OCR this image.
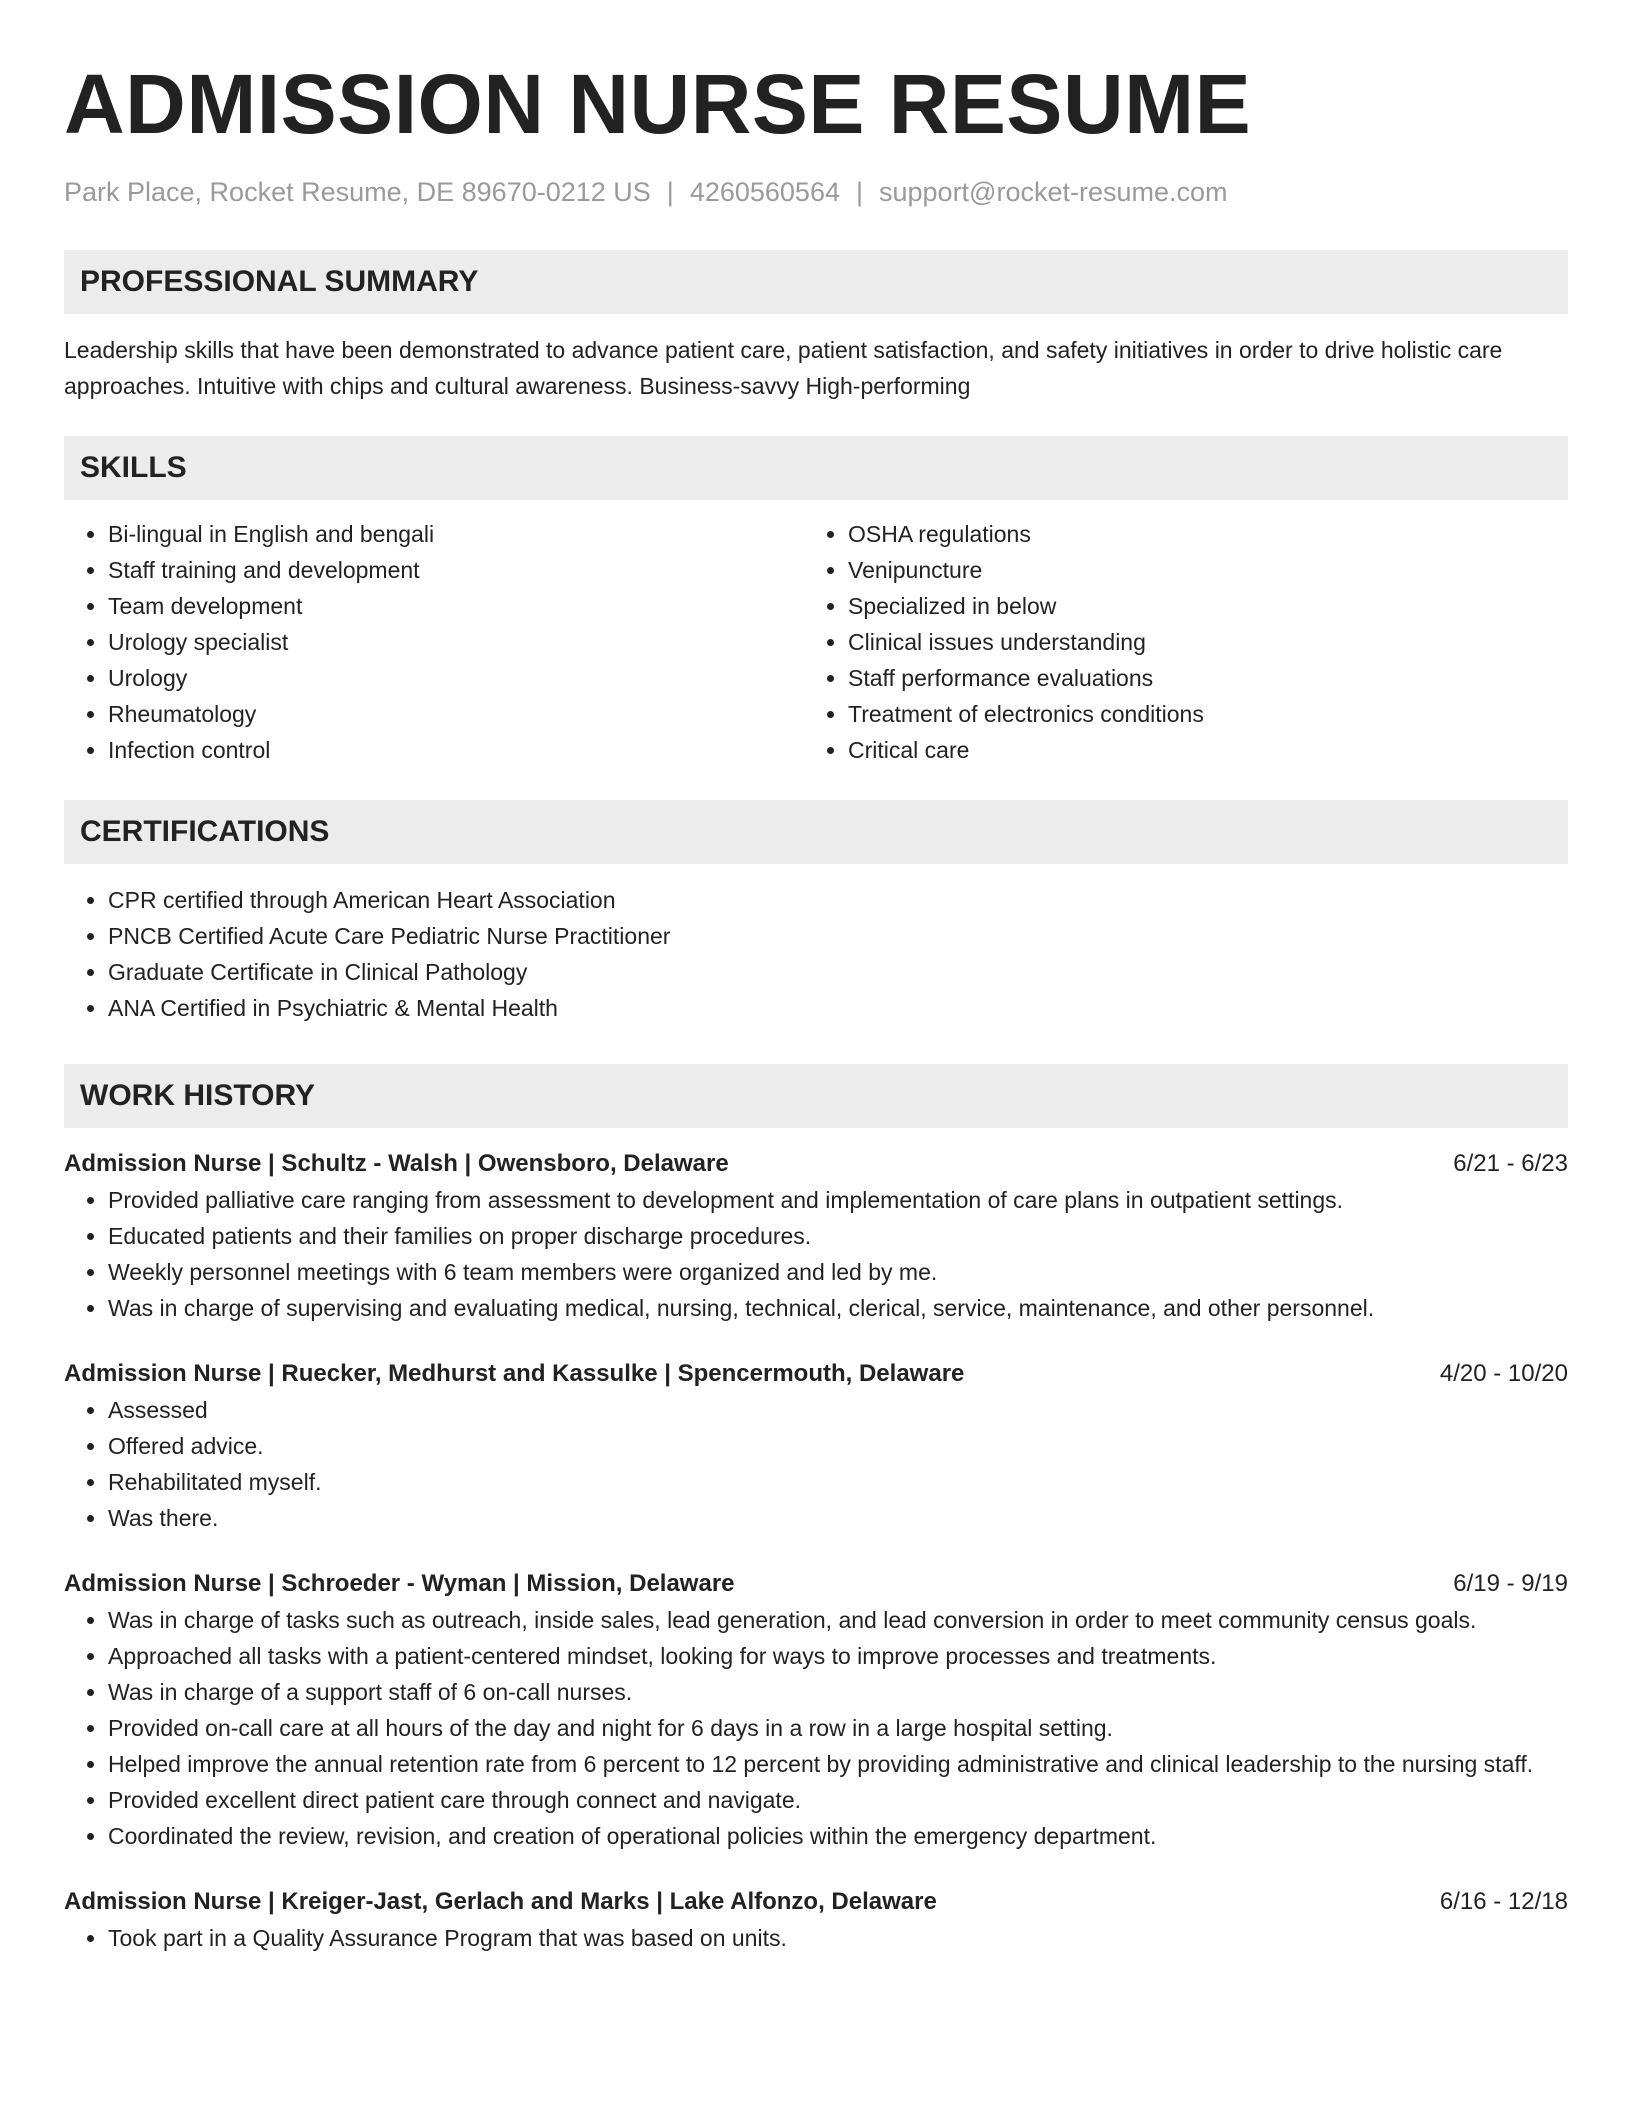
ADMISSION NURSE RESUME
Park Place, Rocket Resume, DE 89670-0212 US | 4260560564 | support@rocket-resume.com
PROFESSIONAL SUMMARY

Leadership skills that have been demonstrated to advance patient care, patient satisfaction, and safety initiatives in order to drive holistic care approaches. Intuitive with chips and cultural awareness. Business-savvy High-performing

SKILLS
• Bi-lingual in English and bengali
• Staff training and development
• Team development
• Urology specialist
• Urology
• Rheumatology
• Infection control
• OSHA regulations
• Venipuncture
• Specialized in below
• Clinical issues understanding
• Staff performance evaluations
• Treatment of electronics conditions
• Critical care
CERTIFICATIONS
• CPR certified through American Heart Association
• PNCB Certified Acute Care Pediatric Nurse Practitioner
• Graduate Certificate in Clinical Pathology
• ANA Certified in Psychiatric & Mental Health
WORK HISTORY
Admission Nurse | Schultz - Walsh | Owensboro, Delaware	6/21 - 6/23
• Provided palliative care ranging from assessment to development and implementation of care plans in outpatient settings.
• Educated patients and their families on proper discharge procedures.
• Weekly personnel meetings with 6 team members were organized and led by me.
• Was in charge of supervising and evaluating medical, nursing, technical, clerical, service, maintenance, and other personnel.
Admission Nurse | Ruecker, Medhurst and Kassulke | Spencermouth, Delaware	4/20 - 10/20
• Assessed
• Offered advice.
• Rehabilitated myself.
• Was there.
Admission Nurse | Schroeder - Wyman | Mission, Delaware	6/19 - 9/19
• Was in charge of tasks such as outreach, inside sales, lead generation, and lead conversion in order to meet community census goals.
• Approached all tasks with a patient-centered mindset, looking for ways to improve processes and treatments.
• Was in charge of a support staff of 6 on-call nurses.
• Provided on-call care at all hours of the day and night for 6 days in a row in a large hospital setting.
• Helped improve the annual retention rate from 6 percent to 12 percent by providing administrative and clinical leadership to the nursing staff.
• Provided excellent direct patient care through connect and navigate.
• Coordinated the review, revision, and creation of operational policies within the emergency department.
Admission Nurse | Kreiger-Jast, Gerlach and Marks | Lake Alfonzo, Delaware	6/16 - 12/18
• Took part in a Quality Assurance Program that was based on units.
